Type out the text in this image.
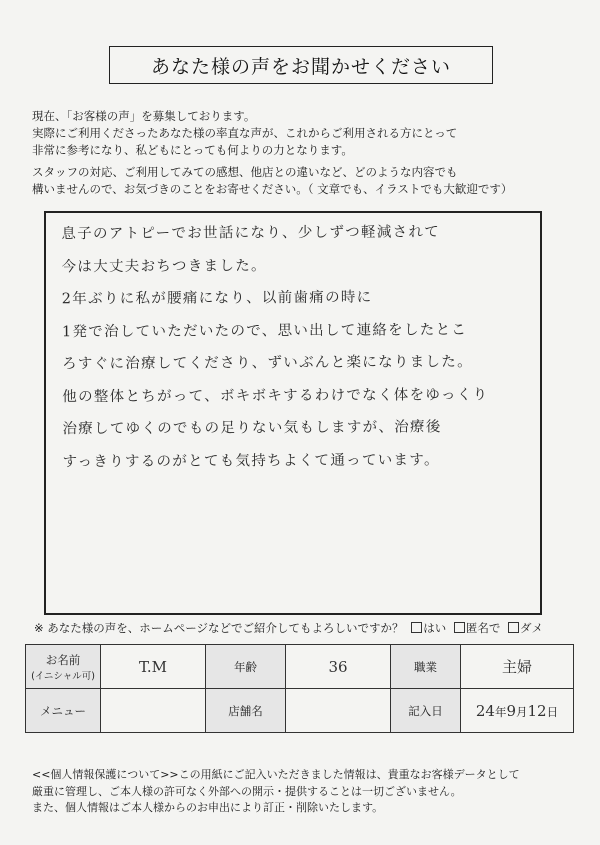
あなた様の声をお聞かせください
現在、「お客様の声」を募集しております。
実際にご利用くださったあなた様の率直な声が、これからご利用される方にとって
非常に参考になり、私どもにとっても何よりの力となります。
スタッフの対応、ご利用してみての感想、他店との違いなど、どのような内容でも
構いませんので、お気づきのことをお寄せください。（ 文章でも、イラストでも大歓迎です）
息子のアトピーでお世話になり、少しずつ軽減されて
今は大丈夫おちつきました。
2年ぶりに私が腰痛になり、以前歯痛の時に
1発で治していただいたので、思い出して連絡をしたとこ
ろすぐに治療してくださり、ずいぶんと楽になりました。
他の整体とちがって、ボキボキするわけでなく体をゆっくり
治療してゆくのでもの足りない気もしますが、治療後
すっきりするのがとても気持ちよくて通っています。
※ あなた様の声を、ホームページなどでご紹介してもよろしいですか？ はい 匿名で ダメ
お名前
(イニシャル可)	T.M	年齢	36	職業	主婦
メニュー		店舗名		記入日	24年9月12日
<<個人情報保護について>>この用紙にご記入いただきました情報は、貴重なお客様データとして
厳重に管理し、ご本人様の許可なく外部への開示・提供することは一切ございません。
また、個人情報はご本人様からのお申出により訂正・削除いたします。
